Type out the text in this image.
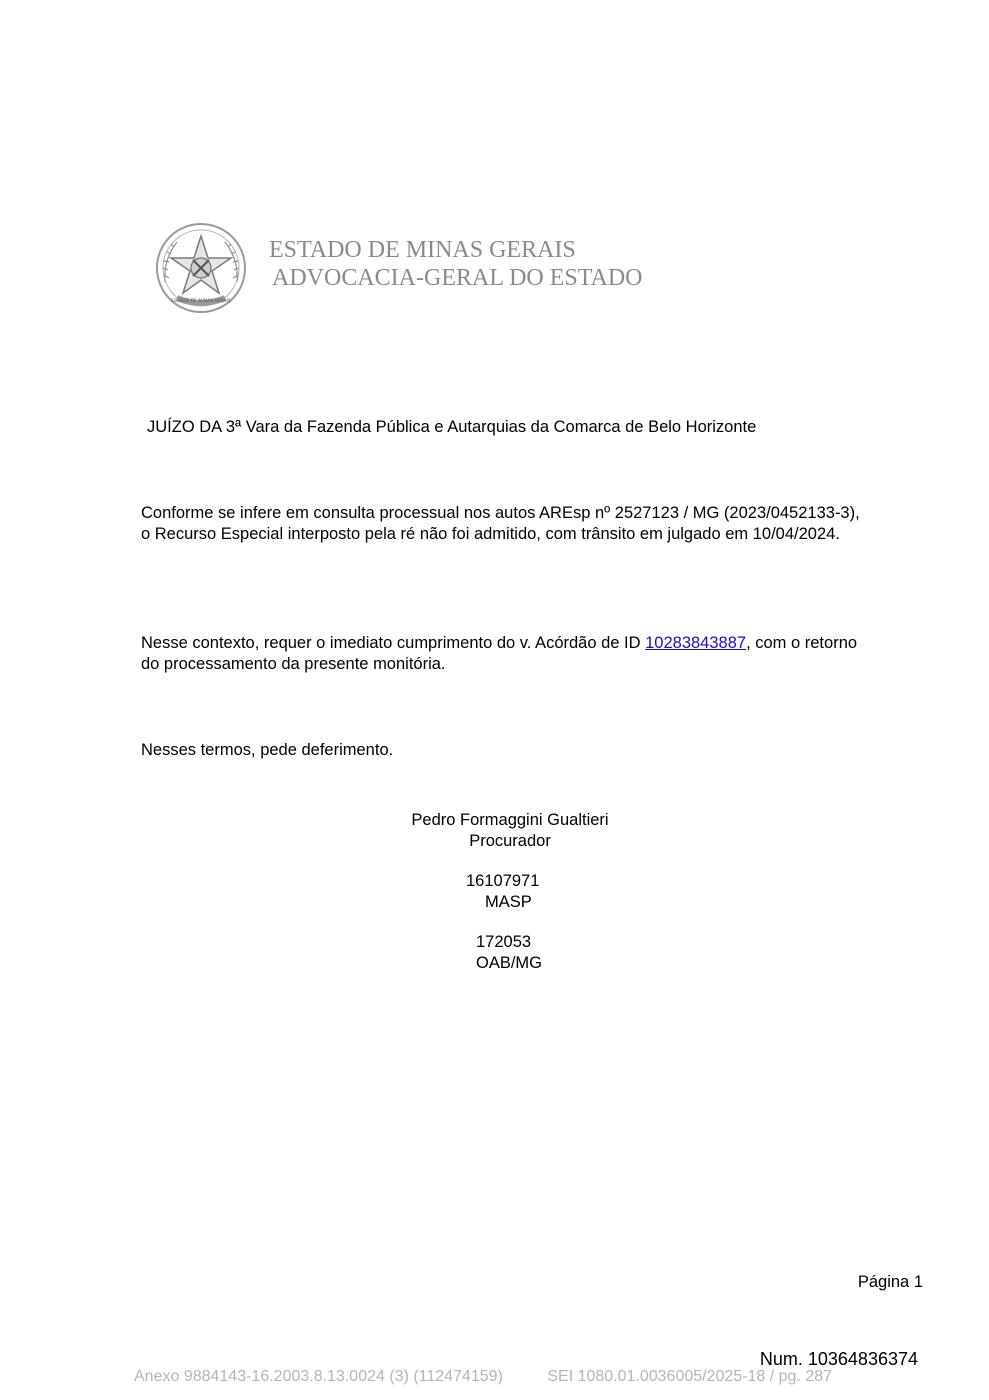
ESTADO DE MINAS GERAIS
ESTADO DE MINAS GERAIS
ADVOCACIA-GERAL DO ESTADO
JUÍZO DA 3ª Vara da Fazenda Pública e Autarquias da Comarca de Belo Horizonte
Conforme se infere em consulta processual nos autos AREsp nº 2527123 / MG (2023/0452133-3), o Recurso Especial interposto pela ré não foi admitido, com trânsito em julgado em 10/04/2024.
Nesse contexto, requer o imediato cumprimento do v. Acórdão de ID 10283843887, com o retorno do processamento da presente monitória.
Nesses termos, pede deferimento.
Pedro Formaggini Gualtieri
Procurador
16107971
MASP
172053
OAB/MG
Página 1
Num. 10364836374
Anexo 9884143-16.2003.8.13.0024 (3) (112474159)	SEI 1080.01.0036005/2025-18 / pg. 287
